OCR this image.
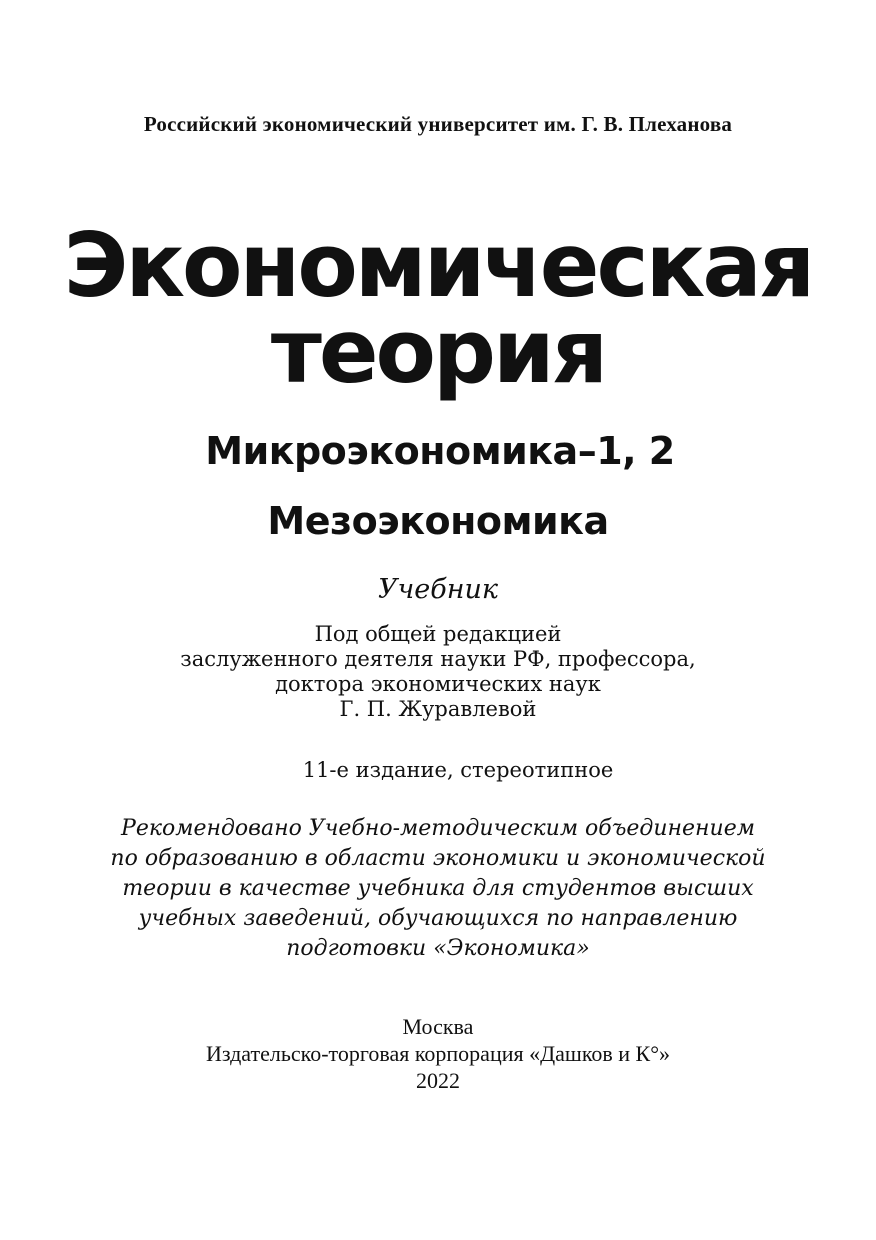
Российский экономический университет им. Г. В. Плеханова
Экономическая
теория
Микроэкономика–1, 2
Мезоэкономика
Учебник
Под общей редакцией
заслуженного деятеля науки РФ, профессора,
доктора экономических наук
Г. П. Журавлевой
11-е издание, стереотипное
Рекомендовано Учебно-методическим объединением
по образованию в области экономики и экономической
теории в качестве учебника для студентов высших
учебных заведений, обучающихся по направлению
подготовки «Экономика»
Москва
Издательско-торговая корпорация «Дашков и К°»
2022
